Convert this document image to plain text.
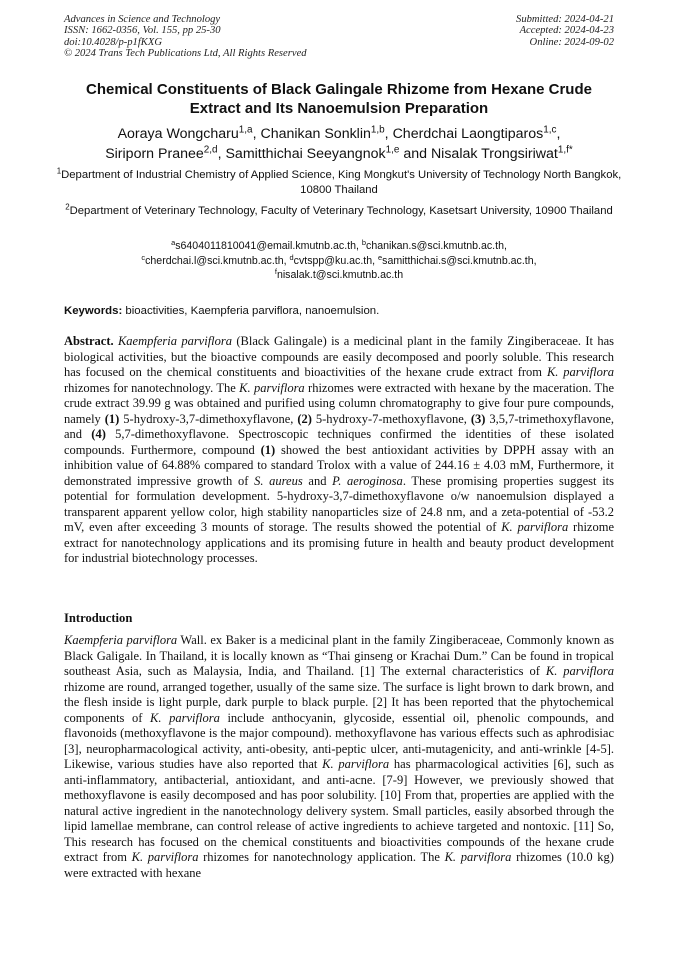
Advances in Science and Technology
ISSN: 1662-0356, Vol. 155, pp 25-30
doi:10.4028/p-p1fKXG
© 2024 Trans Tech Publications Ltd, All Rights Reserved
Submitted: 2024-04-21
Accepted: 2024-04-23
Online: 2024-09-02
Chemical Constituents of Black Galingale Rhizome from Hexane Crude
Extract and Its Nanoemulsion Preparation
Aoraya Wongcharu$^{1,a}$, Chanikan Sonklin$^{1,b}$, Cherdchai Laongtiparos$^{1,c}$,
Siriporn Pranee$^{2,d}$, Samitthichai Seeyangnok$^{1,e}$ and Nisalak Trongsiriwat$^{1,f*}$
$^1$Department of Industrial Chemistry of Applied Science, King Mongkut's University of Technology North Bangkok, 10800 Thailand
$^2$Department of Veterinary Technology, Faculty of Veterinary Technology, Kasetsart University, 10900 Thailand
$^a$s6404011810041@email.kmutnb.ac.th, $^b$chanikan.s@sci.kmutnb.ac.th,
$^c$cherdchai.l@sci.kmutnb.ac.th, $^d$cvtspp@ku.ac.th, $^e$samitthichai.s@sci.kmutnb.ac.th,
$^f$nisalak.t@sci.kmutnb.ac.th
Keywords: bioactivities, Kaempferia parviflora, nanoemulsion.

Abstract. Kaempferia parviflora (Black Galingale) is a medicinal plant in the family Zingiberaceae. It has biological activities, but the bioactive compounds are easily decomposed and poorly soluble. This research has focused on the chemical constituents and bioactivities of the hexane crude extract from K. parviflora rhizomes for nanotechnology. The K. parviflora rhizomes were extracted with hexane by the maceration. The crude extract 39.99 g was obtained and purified using column chromatography to give four pure compounds, namely (1) 5-hydroxy-3,7-dimethoxyflavone, (2) 5-hydroxy-7-methoxyflavone, (3) 3,5,7-trimethoxyflavone, and (4) 5,7-dimethoxyflavone. Spectroscopic techniques confirmed the identities of these isolated compounds. Furthermore, compound (1) showed the best antioxidant activities by DPPH assay with an inhibition value of 64.88% compared to standard Trolox with a value of 244.16 ± 4.03 mM, Furthermore, it demonstrated impressive growth of S. aureus and P. aeroginosa. These promising properties suggest its potential for formulation development. 5-hydroxy-3,7-dimethoxyflavone o/w nanoemulsion displayed a transparent apparent yellow color, high stability nanoparticles size of 24.8 nm, and a zeta-potential of -53.2 mV, even after exceeding 3 mounts of storage. The results showed the potential of K. parviflora rhizome extract for nanotechnology applications and its promising future in health and beauty product development for industrial biotechnology processes.

Introduction

Kaempferia parviflora Wall. ex Baker is a medicinal plant in the family Zingiberaceae, Commonly known as Black Galigale. In Thailand, it is locally known as “Thai ginseng or Krachai Dum.” Can be found in tropical southeast Asia, such as Malaysia, India, and Thailand. [1] The external characteristics of K. parviflora rhizome are round, arranged together, usually of the same size. The surface is light brown to dark brown, and the flesh inside is light purple, dark purple to black purple. [2] It has been reported that the phytochemical components of K. parviflora include anthocyanin, glycoside, essential oil, phenolic compounds, and flavonoids (methoxyflavone is the major compound). methoxyflavone has various effects such as aphrodisiac [3], neuropharmacological activity, anti-obesity, anti-peptic ulcer, anti-mutagenicity, and anti-wrinkle [4-5]. Likewise, various studies have also reported that K. parviflora has pharmacological activities [6], such as anti-inflammatory, antibacterial, antioxidant, and anti-acne. [7-9] However, we previously showed that methoxyflavone is easily decomposed and has poor solubility. [10] From that, properties are applied with the natural active ingredient in the nanotechnology delivery system. Small particles, easily absorbed through the lipid lamellae membrane, can control release of active ingredients to achieve targeted and nontoxic. [11] So, This research has focused on the chemical constituents and bioactivities compounds of the hexane crude extract from K. parviflora rhizomes for nanotechnology application. The K. parviflora rhizomes (10.0 kg) were extracted with hexane
